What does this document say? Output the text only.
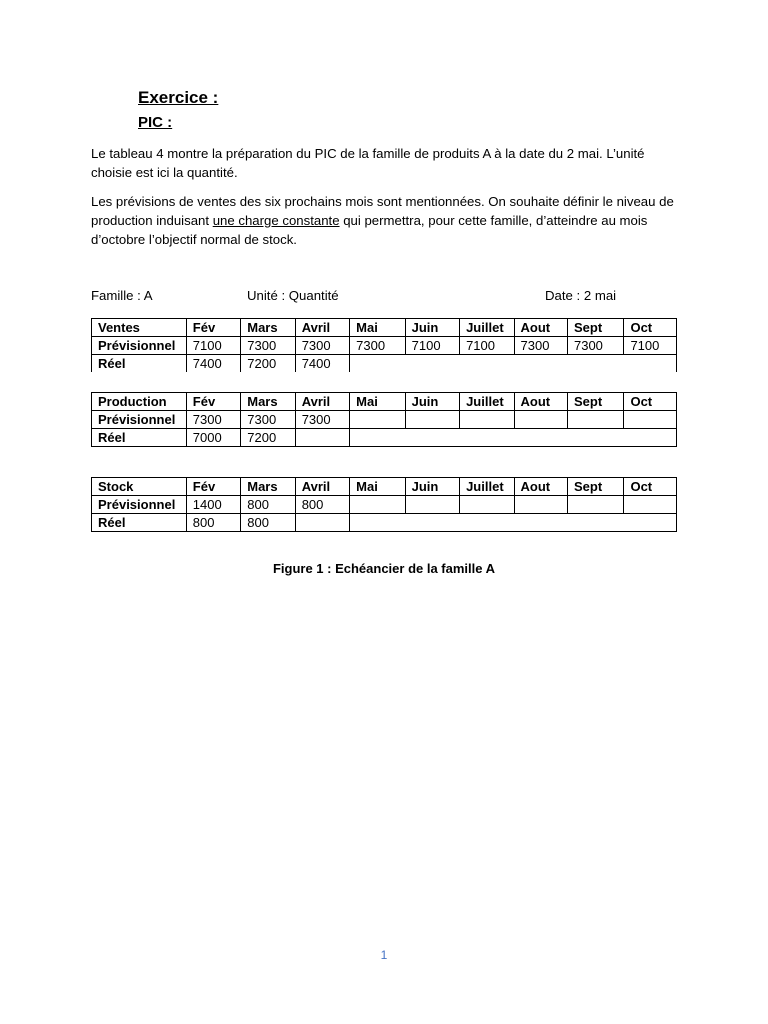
Exercice :
PIC :

Le tableau 4 montre la préparation du PIC de la famille de produits A à la date du 2 mai. L’unité choisie est ici la quantité.

Les prévisions de ventes des six prochains mois sont mentionnées. On souhaite définir le niveau de production induisant une charge constante qui permettra, pour cette famille, d’atteindre au mois d’octobre l’objectif normal de stock.

Famille : A	Unité : Quantité	Date : 2 mai
Ventes	Fév	Mars	Avril	Mai	Juin	Juillet	Aout	Sept	Oct
Prévisionnel	7100	7300	7300	7300	7100	7100	7300	7300	7100
Réel	7400	7200	7400						
Production	Fév	Mars	Avril	Mai	Juin	Juillet	Aout	Sept	Oct
Prévisionnel	7300	7300	7300						
Réel	7000	7200							
Stock	Fév	Mars	Avril	Mai	Juin	Juillet	Aout	Sept	Oct
Prévisionnel	1400	800	800						
Réel	800	800							
Figure 1 : Echéancier de la famille A
1
